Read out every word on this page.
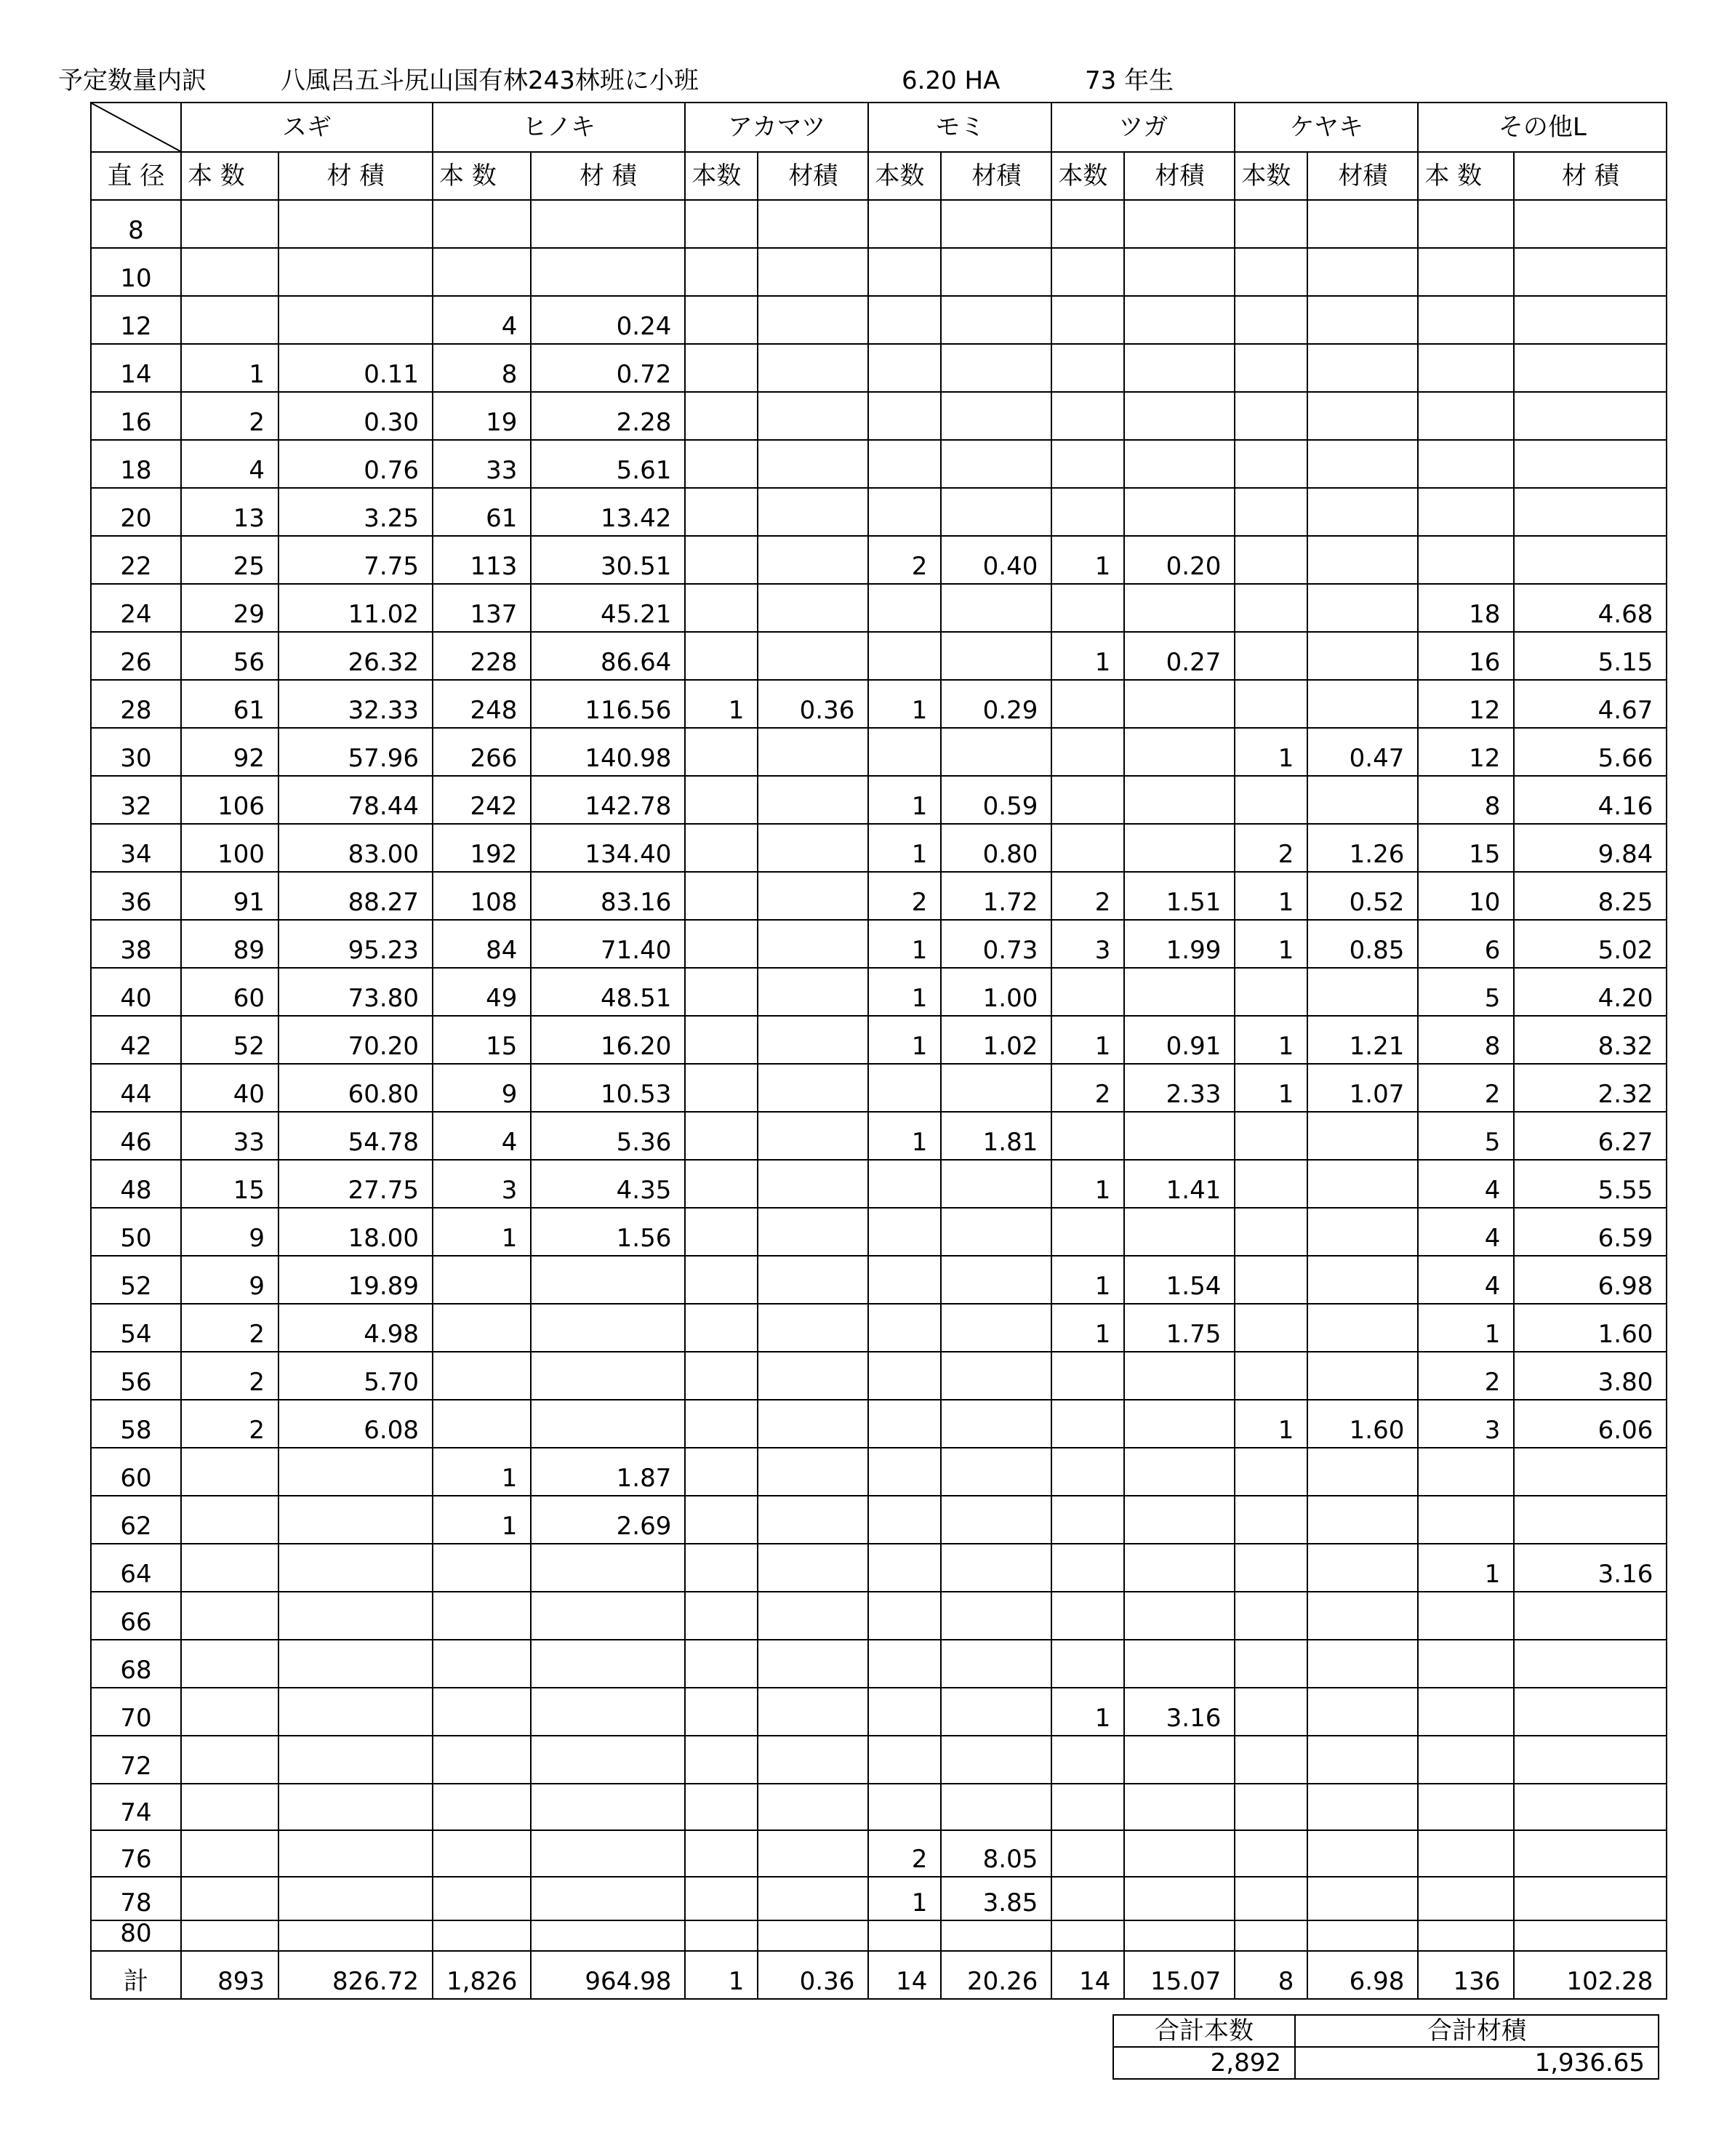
予定数量内訳	八風呂五斗尻山国有林243林班に小班	6.20 HA	73 年生
	スギ		ヒノキ		アカマツ		モミ		ツガ		ケヤキ		その他L	
直 径	本 数	材 積	本 数	材 積	本数	材積	本数	材積	本数	材積	本数	材積	本 数	材 積
8														
10														
12			4	0.24										
14	1	0.11	8	0.72										
16	2	0.30	19	2.28										
18	4	0.76	33	5.61										
20	13	3.25	61	13.42										
22	25	7.75	113	30.51			2	0.40	1	0.20				
24	29	11.02	137	45.21									18	4.68
26	56	26.32	228	86.64					1	0.27			16	5.15
28	61	32.33	248	116.56	1	0.36	1	0.29					12	4.67
30	92	57.96	266	140.98							1	0.47	12	5.66
32	106	78.44	242	142.78			1	0.59					8	4.16
34	100	83.00	192	134.40			1	0.80			2	1.26	15	9.84
36	91	88.27	108	83.16			2	1.72	2	1.51	1	0.52	10	8.25
38	89	95.23	84	71.40			1	0.73	3	1.99	1	0.85	6	5.02
40	60	73.80	49	48.51			1	1.00					5	4.20
42	52	70.20	15	16.20			1	1.02	1	0.91	1	1.21	8	8.32
44	40	60.80	9	10.53					2	2.33	1	1.07	2	2.32
46	33	54.78	4	5.36			1	1.81					5	6.27
48	15	27.75	3	4.35					1	1.41			4	5.55
50	9	18.00	1	1.56									4	6.59
52	9	19.89							1	1.54			4	6.98
54	2	4.98							1	1.75			1	1.60
56	2	5.70											2	3.80
58	2	6.08									1	1.60	3	6.06
60			1	1.87										
62			1	2.69										
64													1	3.16
66														
68														
70									1	3.16				
72														
74														
76							2	8.05						
78							1	3.85						
80														
計	893	826.72	1,826	964.98	1	0.36	14	20.26	14	15.07	8	6.98	136	102.28
合計本数	合計材積
2,892	1,936.65
